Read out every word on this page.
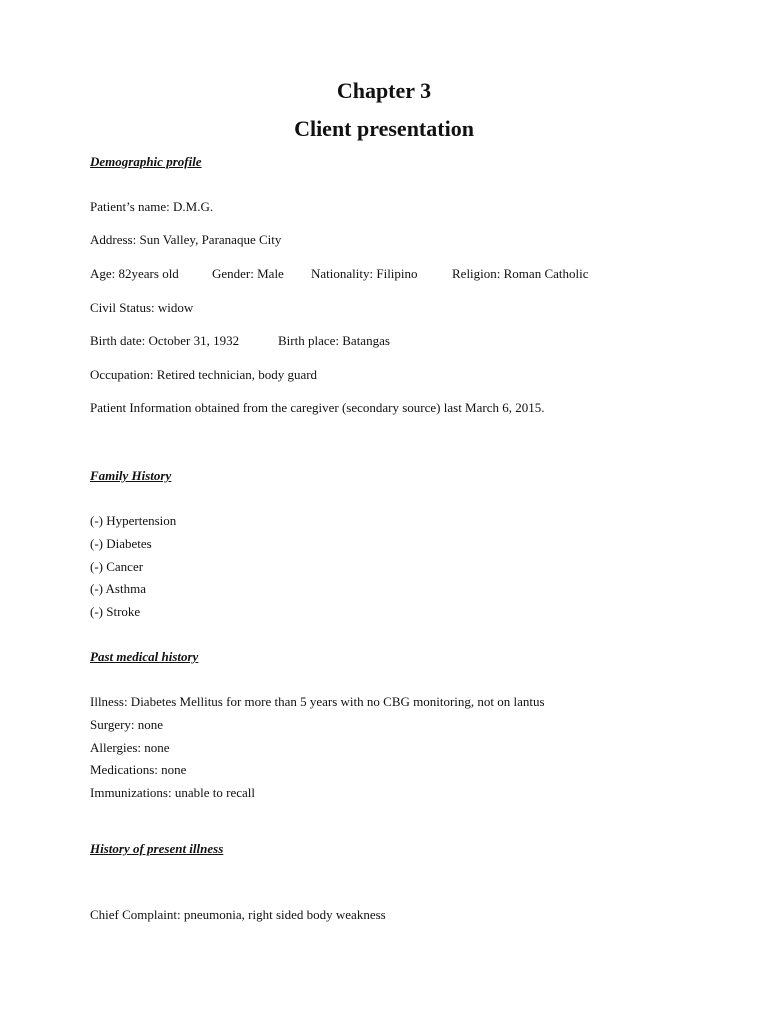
Chapter 3
Client presentation

Demographic profile

Patient’s name: D.M.G.

Address: Sun Valley, Paranaque City

Age: 82years old	Gender: Male Nationality: Filipino	Religion: Roman Catholic

Civil Status: widow

Birth date: October 31, 1932	Birth place: Batangas

Occupation: Retired technician, body guard

Patient Information obtained from the caregiver (secondary source) last March 6, 2015.

Family History

(-) Hypertension
(-) Diabetes
(-) Cancer
(-) Asthma
(-) Stroke

Past medical history

Illness: Diabetes Mellitus for more than 5 years with no CBG monitoring, not on lantus
Surgery: none
Allergies: none
Medications: none
Immunizations: unable to recall

History of present illness

Chief Complaint: pneumonia, right sided body weakness
